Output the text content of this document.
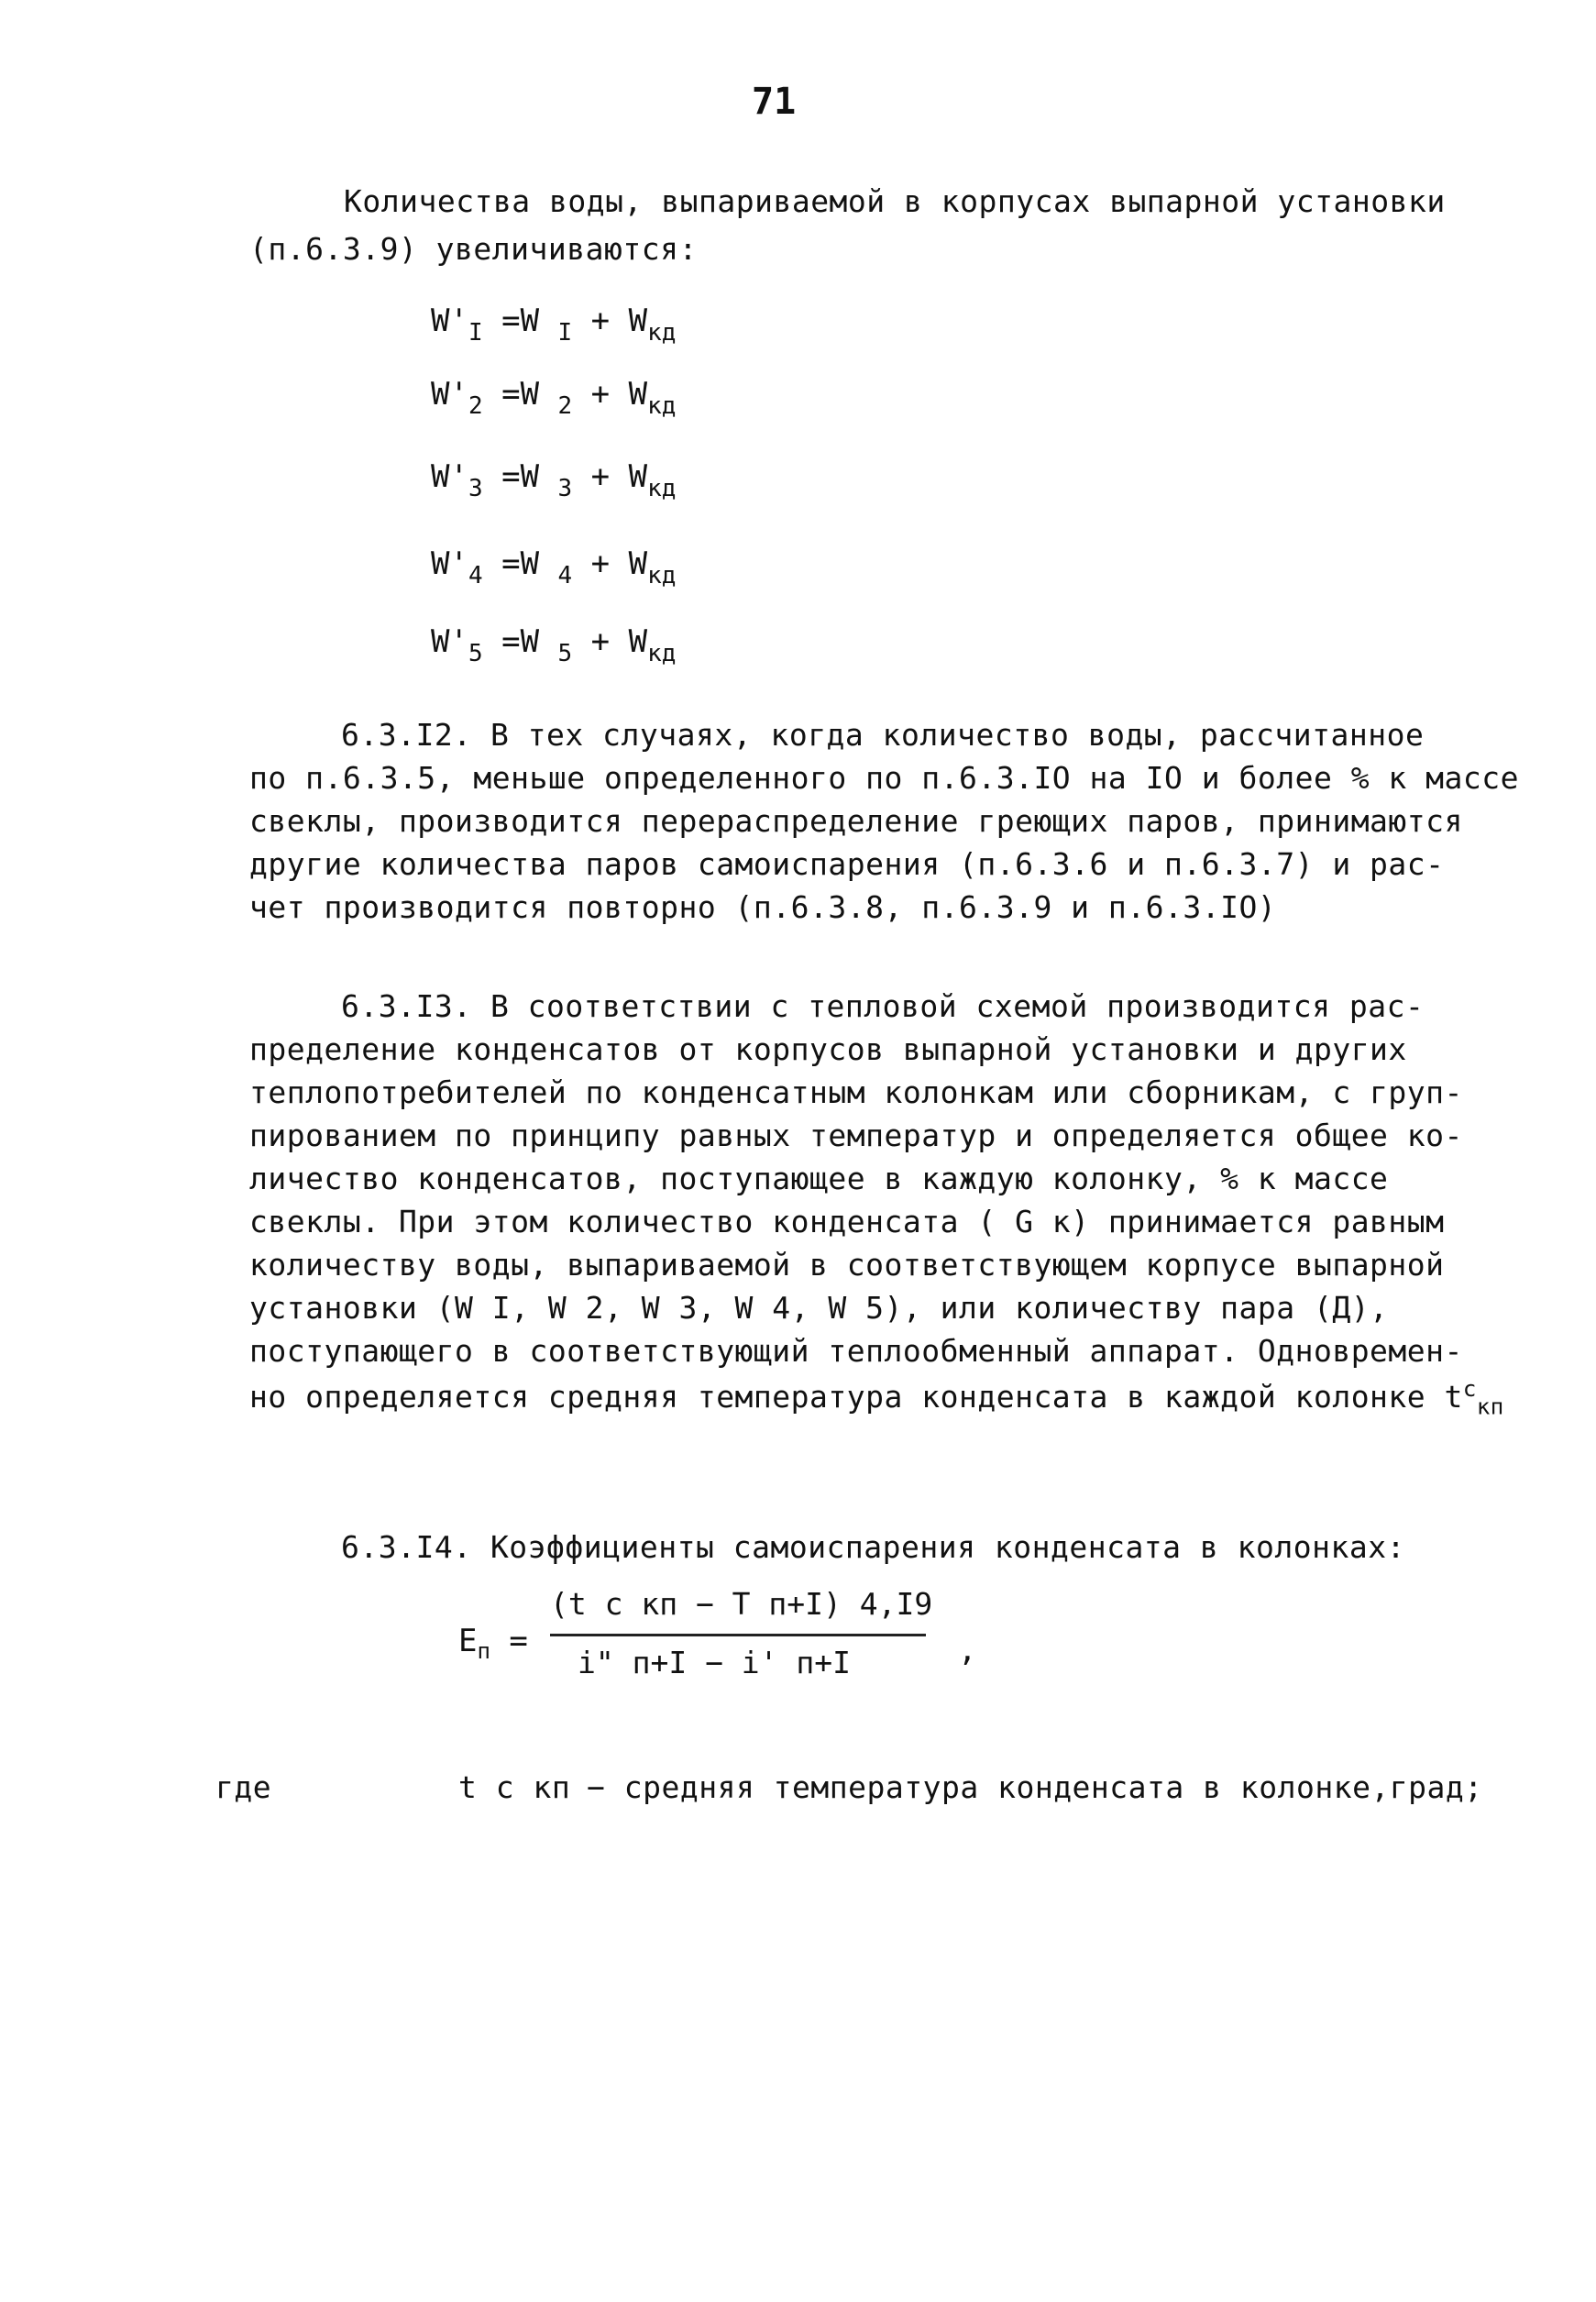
71
Количества воды, выпариваемой в корпусах выпарной установки
(п.6.3.9) увеличиваются:
$W'_I =W$ $_I + W_{кд}$
$W'_2 =W$ $_2 + W_{кд}$
$W'_3 =W$ $_3 + W_{кд}$
$W'_4 =W$ $_4 + W_{кд}$
$W'_5 =W$ $_5 + W_{кд}$
6.3.I2. В тех случаях, когда количество воды, рассчитанное
по п.6.3.5, меньше определенного по п.6.3.IO на IO и более % к массе
свеклы, производится перераспределение греющих паров, принимаются
другие количества паров самоиспарения (п.6.3.6 и п.6.3.7) и рас-
чет производится повторно (п.6.3.8, п.6.3.9 и п.6.3.IO)
6.3.I3. В соответствии с тепловой схемой производится рас-
пределение конденсатов от корпусов выпарной установки и других
теплопотребителей по конденсатным колонкам или сборникам, с груп-
пированием по принципу равных температур и определяется общее ко-
личество конденсатов, поступающее в каждую колонку, % к массе
свеклы. При этом количество конденсата ( G к) принимается равным
количеству воды, выпариваемой в соответствующем корпусе выпарной
установки (W I, W 2, W 3, W 4, W 5), или количеству пара (Д),
поступающего в соответствующий теплообменный аппарат. Одновремен-
но определяется средняя температура конденсата в каждой колонке $t^c_{кп}$
6.3.I4. Коэффициенты самоиспарения конденсата в колонках:
$E_п$ =
(t c кп − T п+I) 4,I9
i" п+I − i' п+I	,
где	t c кп − средняя температура конденсата в колонке,град;
